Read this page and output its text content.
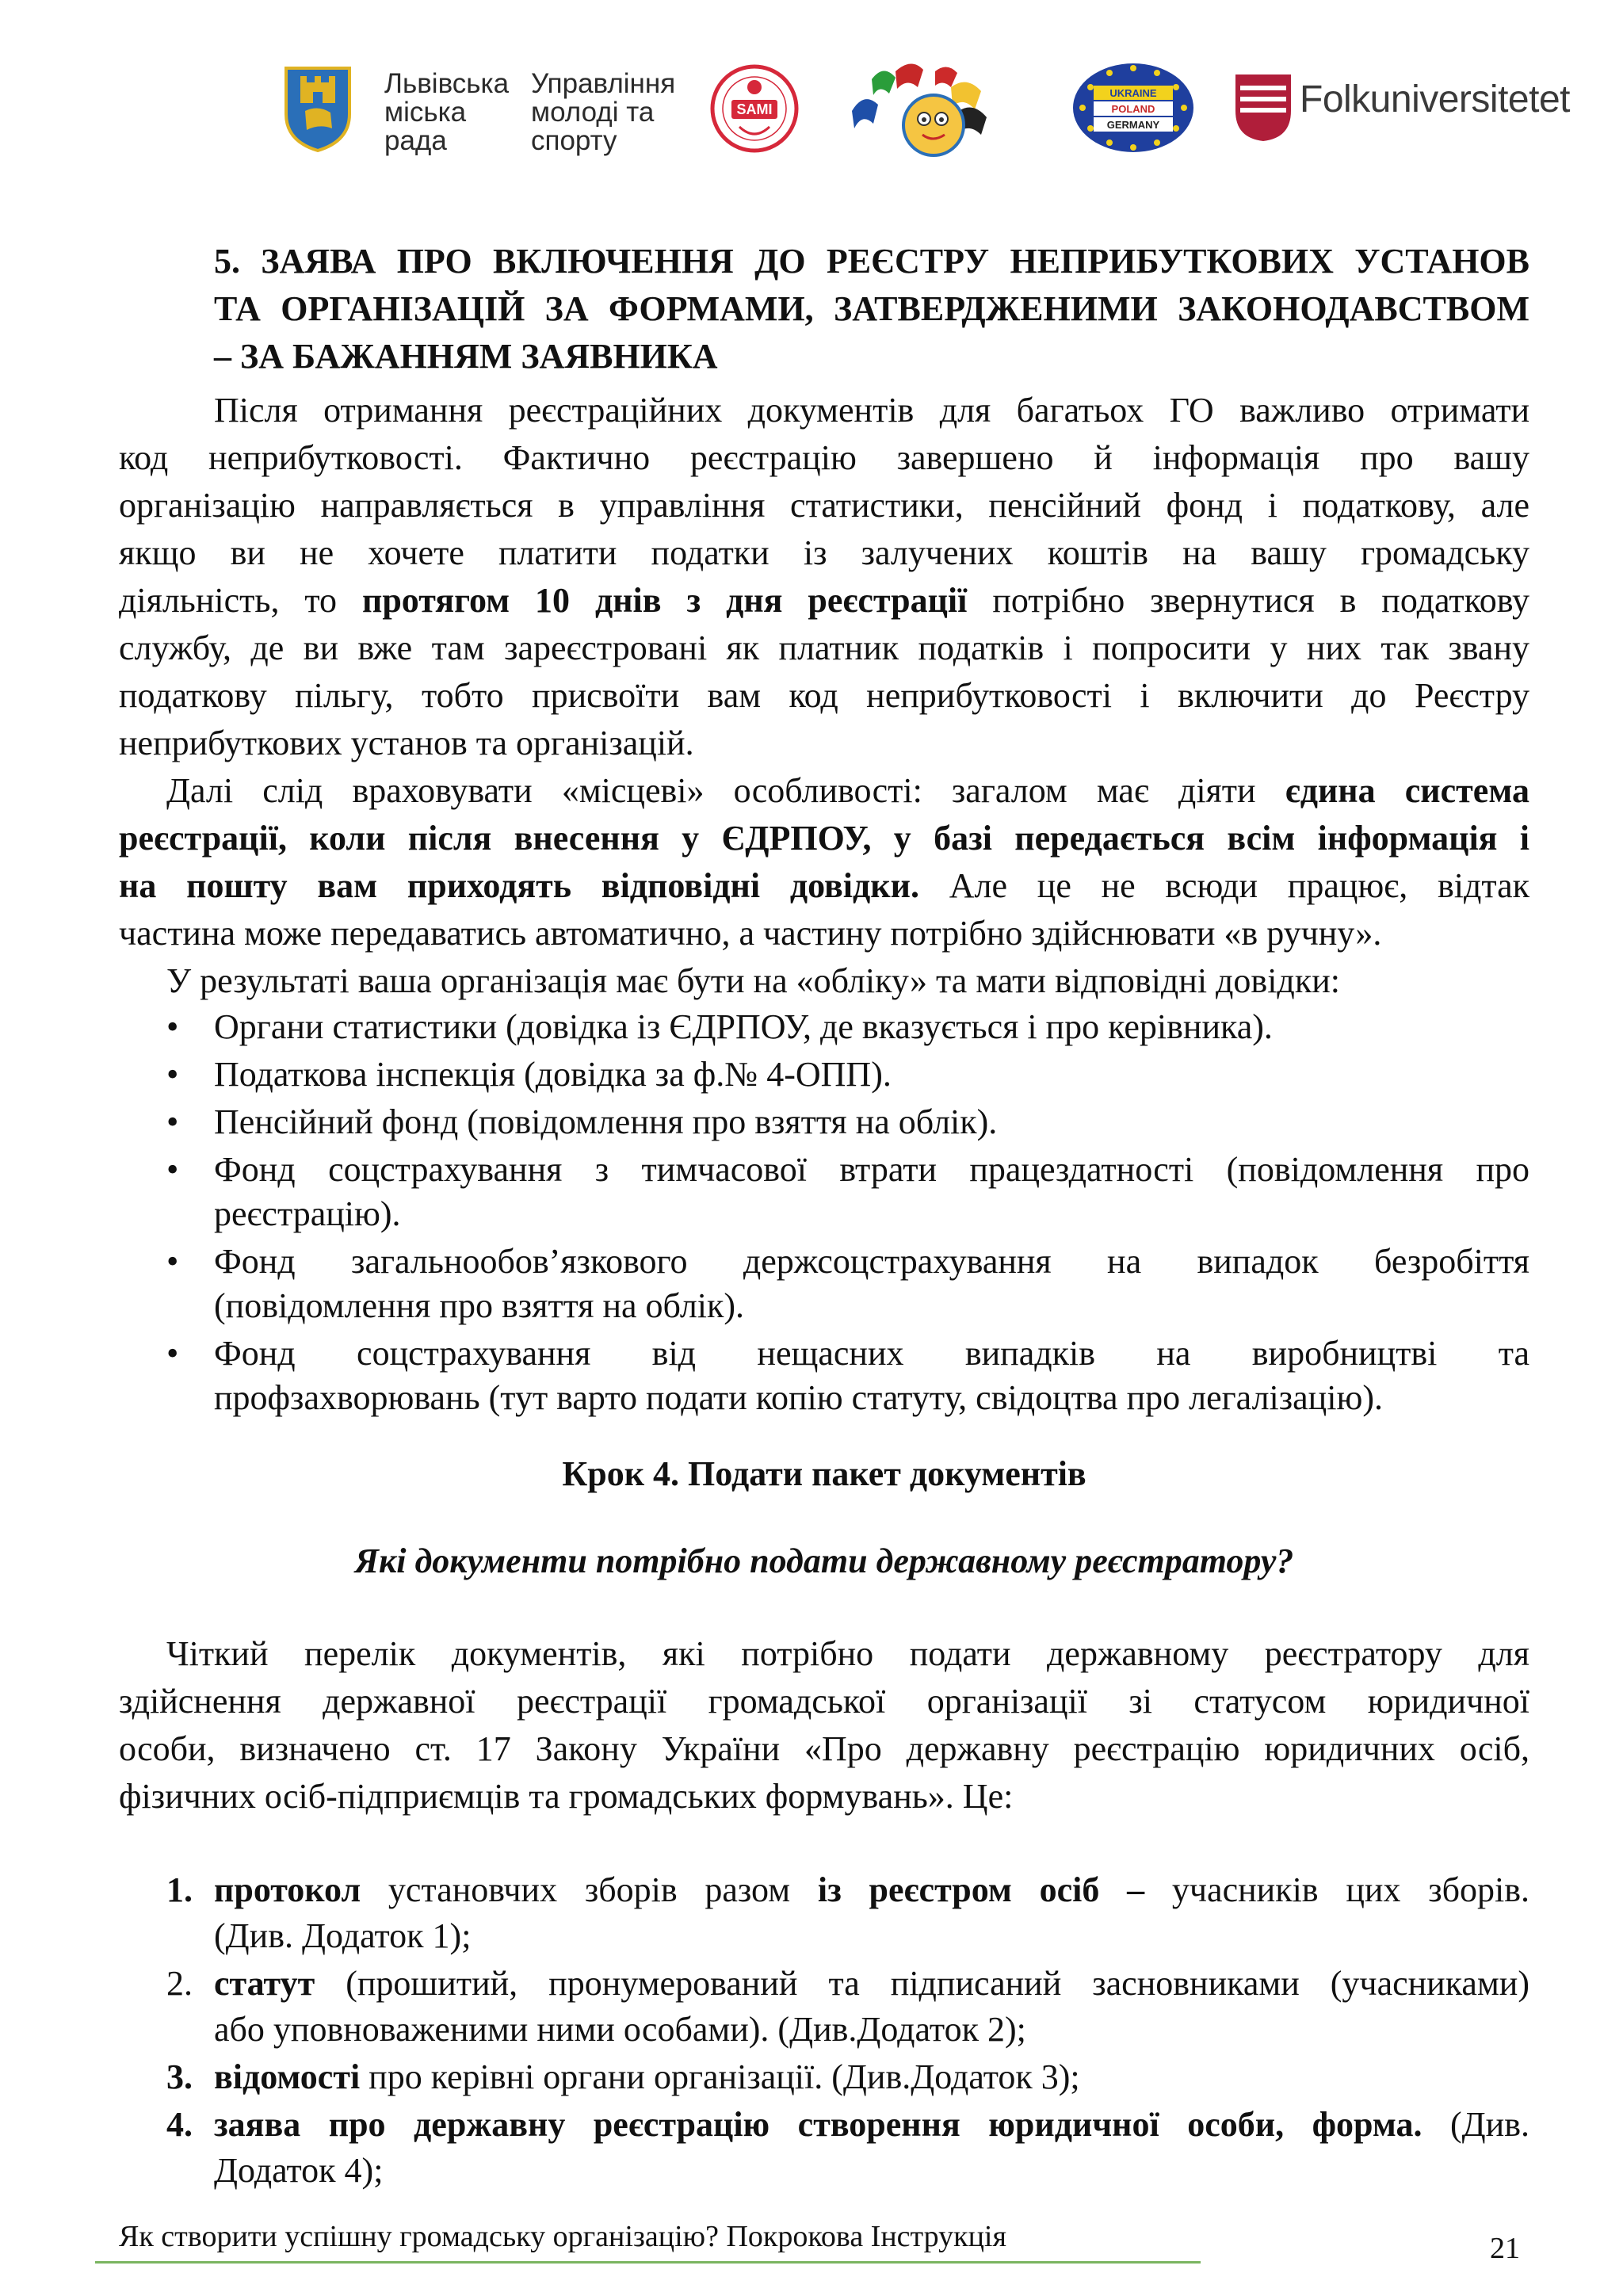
Львівська
міська
рада
Управління
молоді та
спорту
SAMI
UKRAINE
POLAND
GERMANY
Folkuniversitetet
5. ЗАЯВА ПРО ВКЛЮЧЕННЯ ДО РЕЄСТРУ НЕПРИБУТКОВИХ УСТАНОВ
ТА ОРГАНІЗАЦІЙ ЗА ФОРМАМИ, ЗАТВЕРДЖЕНИМИ ЗАКОНОДАВСТВОМ
– ЗА БАЖАННЯМ ЗАЯВНИКА
Після отримання реєстраційних документів для багатьох ГО важливо отримати
код неприбутковості. Фактично реєстрацію завершено й інформація про вашу
організацію направляється в управління статистики, пенсійний фонд і податкову, але
якщо ви не хочете платити податки із залучених коштів на вашу громадську
діяльність, то протягом 10 днів з дня реєстрації потрібно звернутися в податкову
службу, де ви вже там зареєстровані як платник податків і попросити у них так звану
податкову пільгу, тобто присвоїти вам код неприбутковості і включити до Реєстру
неприбуткових установ та організацій.
Далі слід враховувати «місцеві» особливості: загалом має діяти єдина система
реєстрації, коли після внесення у ЄДРПОУ, у базі передається всім інформація і
на пошту вам приходять відповідні довідки. Але це не всюди працює, відтак
частина може передаватись автоматично, а частину потрібно здійснювати «в ручну».
У результаті ваша організація має бути на «обліку» та мати відповідні довідки:
• Органи статистики (довідка із ЄДРПОУ, де вказується і про керівника).
• Податкова інспекція (довідка за ф.№ 4-ОПП).
• Пенсійний фонд (повідомлення про взяття на облік).
• Фонд соцстрахування з тимчасової втрати працездатності (повідомлення про
реєстрацію).
• Фонд загальнообов’язкового держсоцстрахування на випадок безробіття
(повідомлення про взяття на облік).
• Фонд соцстрахування від нещасних випадків на виробництві та
профзахворювань (тут варто подати копію статуту, свідоцтва про легалізацію).
Крок 4. Подати пакет документів
Які документи потрібно подати державному реєстратору?
Чіткий перелік документів, які потрібно подати державному реєстратору для
здійснення державної реєстрації громадської організації зі статусом юридичної
особи, визначено ст. 17 Закону України «Про державну реєстрацію юридичних осіб,
фізичних осіб-підприємців та громадських формувань». Це:
1. протокол установчих зборів разом із реєстром осіб – учасників цих зборів.
(Див. Додаток 1);
2. статут (прошитий, пронумерований та підписаний засновниками (учасниками)
або уповноваженими ними особами). (Див.Додаток 2);
3. відомості про керівні органи організації. (Див.Додаток 3);
4. заява про державну реєстрацію створення юридичної особи, форма. (Див.
Додаток 4);
Як створити успішну громадську організацію? Покрокова Інструкція	21
